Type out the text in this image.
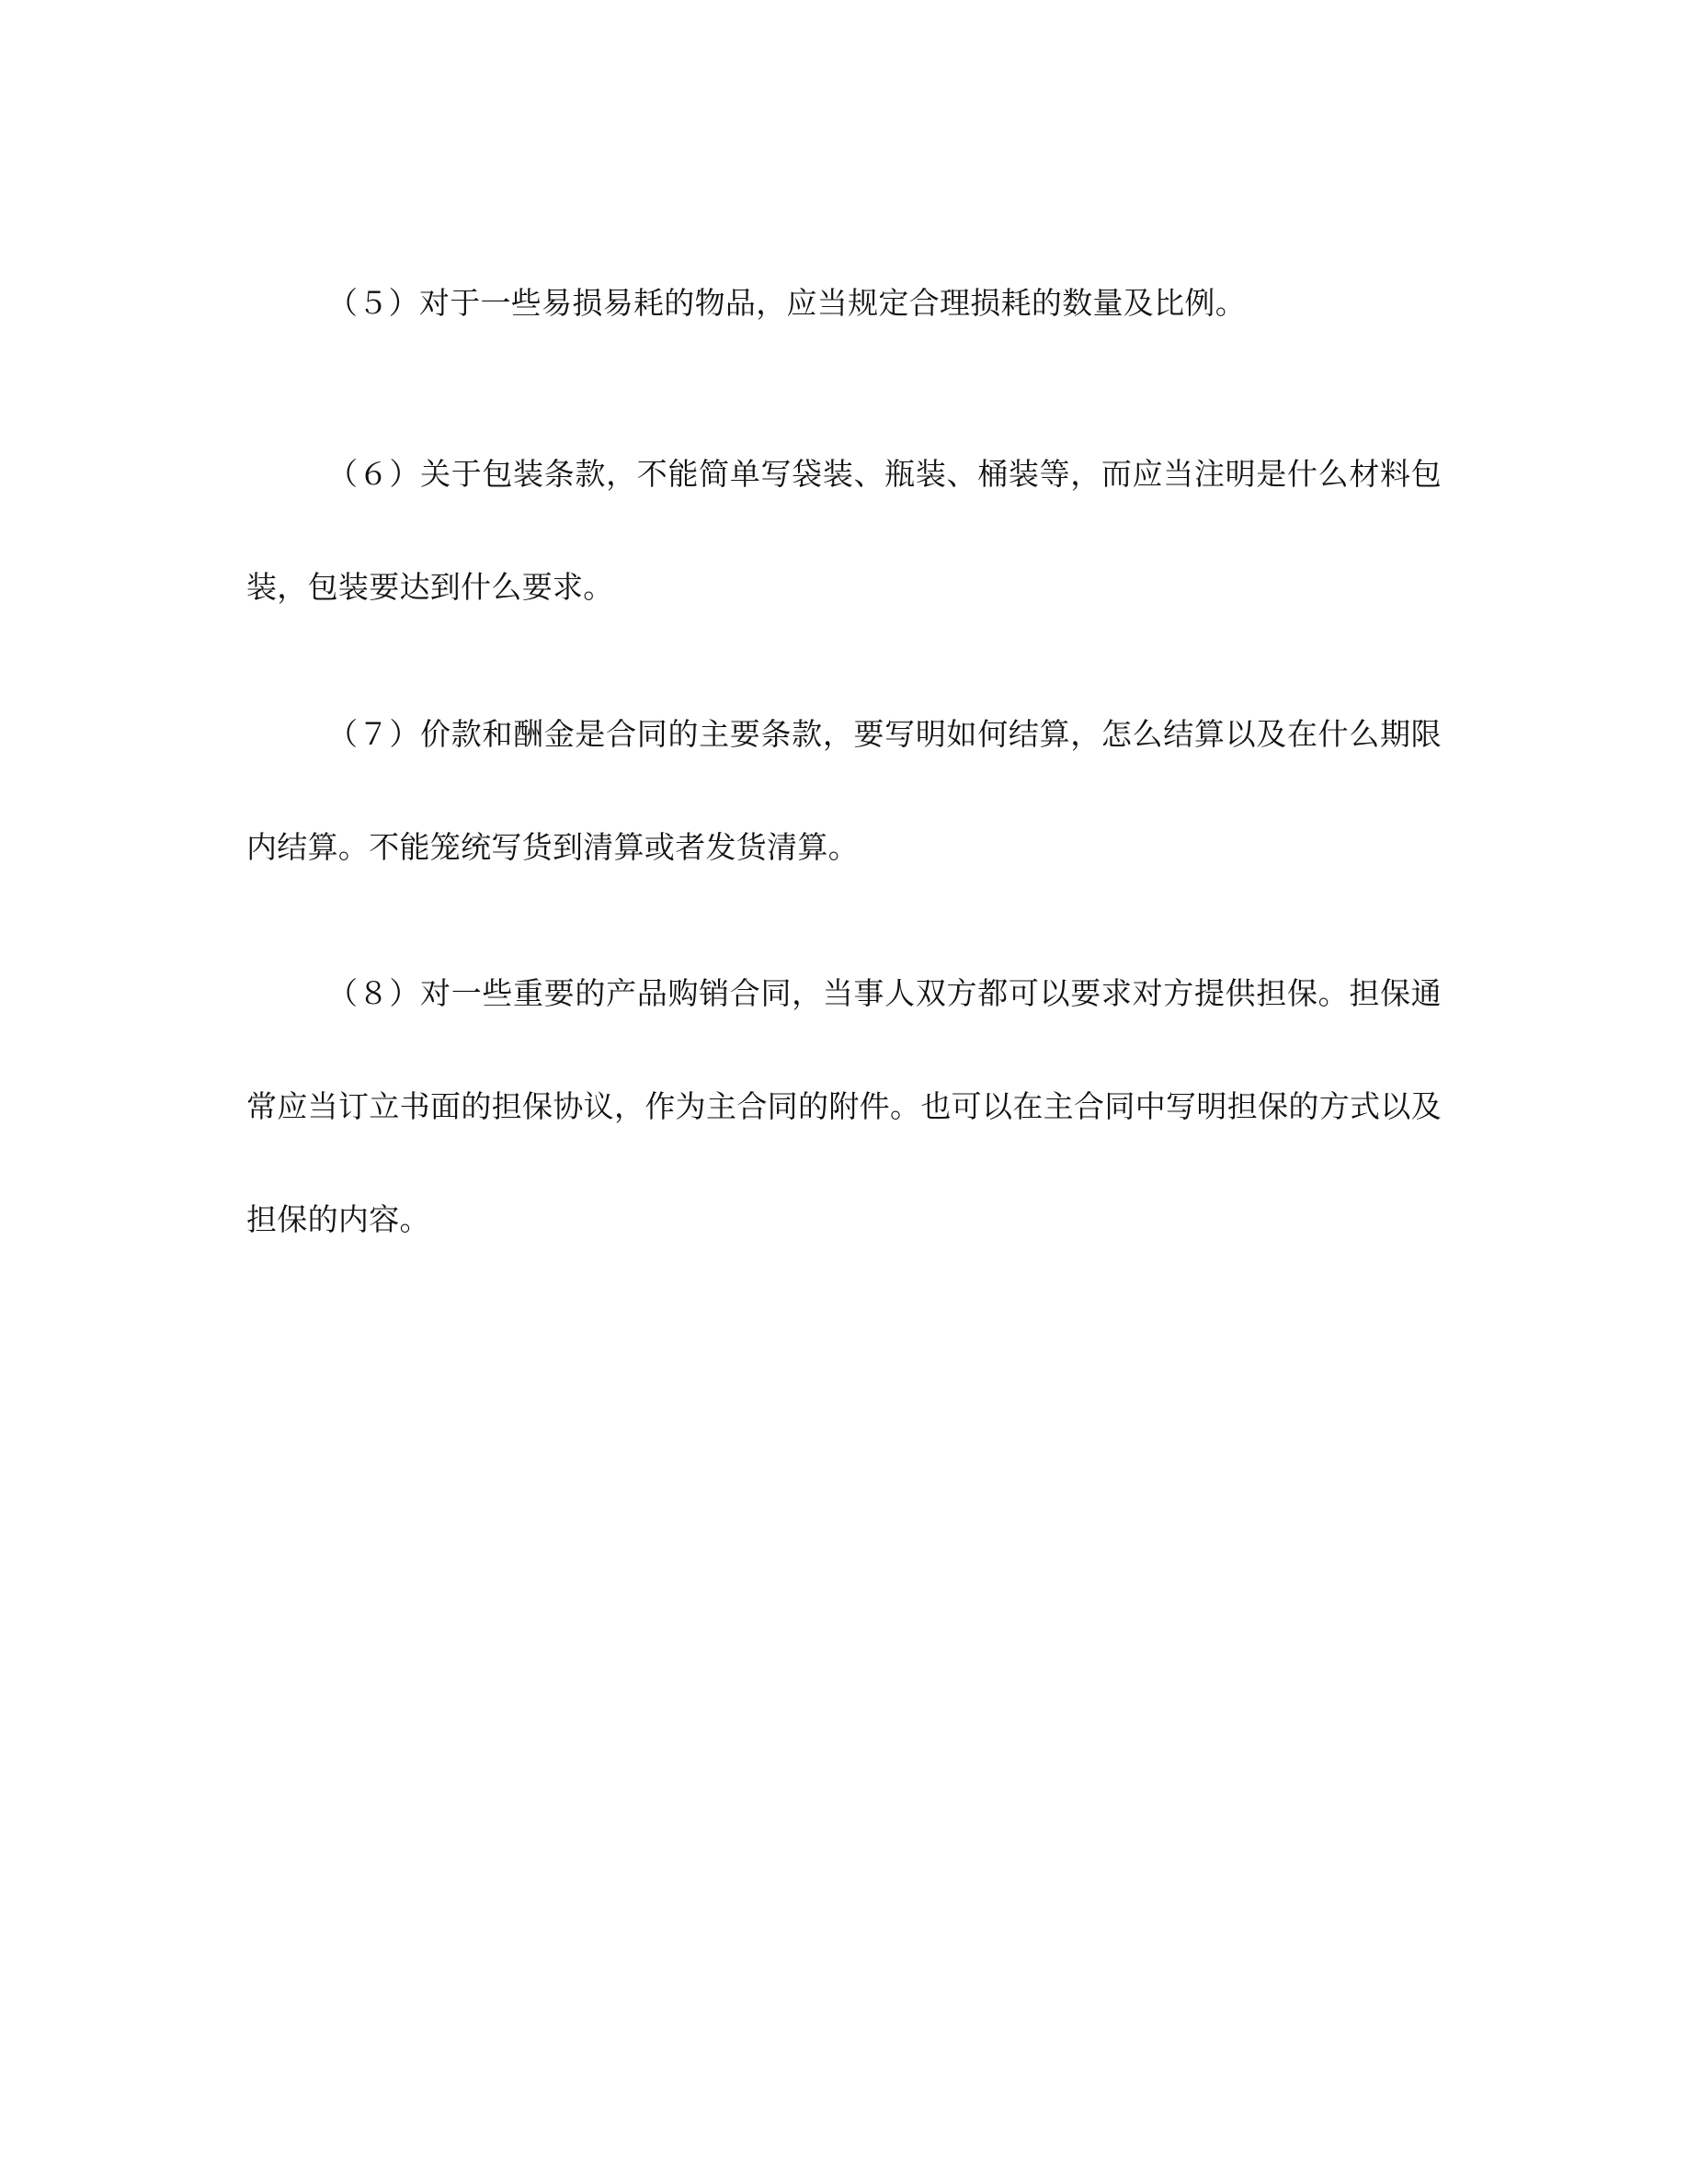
（５）对于一些易损易耗的物品，应当规定合理损耗的数量及比例。

（６）关于包装条款，不能简单写袋装、瓶装、桶装等，而应当注明是什么材料包装，包装要达到什么要求。

（７）价款和酬金是合同的主要条款，要写明如何结算，怎么结算以及在什么期限内结算。不能笼统写货到清算或者发货清算。

（８）对一些重要的产品购销合同，当事人双方都可以要求对方提供担保。担保通常应当订立书面的担保协议，作为主合同的附件。也可以在主合同中写明担保的方式以及担保的内容。
